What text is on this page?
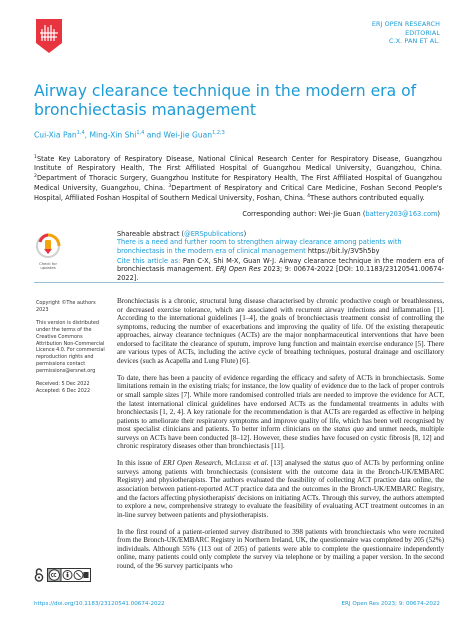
ERJ OPEN RESEARCH
EDITORIAL
C.X. PAN ET AL.
Airway clearance technique in the modern era of bronchiectasis management
Cui-Xia Pan$^{1,4}$, Ming-Xin Shi$^{1,4}$ and Wei-Jie Guan$^{1,2,3}$
$^1$State Key Laboratory of Respiratory Disease, National Clinical Research Center for Respiratory Disease, Guangzhou Institute of Respiratory Health, The First Affiliated Hospital of Guangzhou Medical University, Guangzhou, China. $^2$Department of Thoracic Surgery, Guangzhou Institute for Respiratory Health, The First Affiliated Hospital of Guangzhou Medical University, Guangzhou, China. $^3$Department of Respiratory and Critical Care Medicine, Foshan Second People's Hospital, Affiliated Foshan Hospital of Southern Medical University, Foshan, China. $^4$These authors contributed equally.
Corresponding author: Wei-Jie Guan (battery203@163.com)
Check for
updates
Shareable abstract (@ERSpublications)
There is a need and further room to strengthen airway clearance among patients with bronchiectasis in the modern era of clinical management https://bit.ly/3V5h5by
Cite this article as: Pan C-X, Shi M-X, Guan W-J. Airway clearance technique in the modern era of bronchiectasis management. ERJ Open Res 2023; 9: 00674-2022 [DOI: 10.1183/23120541.00674-2022].

Copyright ©The authors 2023

This version is distributed under the terms of the Creative Commons Attribution Non-Commercial Licence 4.0. For commercial reproduction rights and permissions contact permissions@ersnet.org

Received: 5 Dec 2022
Accepted: 6 Dec 2022

Bronchiectasis is a chronic, structural lung disease characterised by chronic productive cough or breathlessness, or decreased exercise tolerance, which are associated with recurrent airway infections and inflammation [1]. According to the international guidelines [1–4], the goals of bronchiectasis treatment consist of controlling the symptoms, reducing the number of exacerbations and improving the quality of life. Of the existing therapeutic approaches, airway clearance techniques (ACTs) are the major nonpharmaceutical interventions that have been endorsed to facilitate the clearance of sputum, improve lung function and maintain exercise endurance [5]. There are various types of ACTs, including the active cycle of breathing techniques, postural drainage and oscillatory devices (such as Acapella and Lung Flute) [6].

To date, there has been a paucity of evidence regarding the efficacy and safety of ACTs in bronchiectasis. Some limitations remain in the existing trials; for instance, the low quality of evidence due to the lack of proper controls or small sample sizes [7]. While more randomised controlled trials are needed to improve the evidence for ACT, the latest international clinical guidelines have endorsed ACTs as the fundamental treatments in adults with bronchiectasis [1, 2, 4]. A key rationale for the recommendation is that ACTs are regarded as effective in helping patients to ameliorate their respiratory symptoms and improve quality of life, which has been well recognised by most specialist clinicians and patients. To better inform clinicians on the status quo and unmet needs, multiple surveys on ACTs have been conducted [8–12]. However, these studies have focused on cystic fibrosis [8, 12] and chronic respiratory diseases other than bronchiectasis [11].

In this issue of ERJ Open Research, McLeese et al. [13] analysed the status quo of ACTs by performing online surveys among patients with bronchiectasis (consistent with the outcome data in the Bronch-UK/EMBARC Registry) and physiotherapists. The authors evaluated the feasibility of collecting ACT practice data online, the association between patient-reported ACT practice data and the outcomes in the Bronch-UK/EMBARC Registry, and the factors affecting physiotherapists' decisions on initiating ACTs. Through this survey, the authors attempted to explore a new, comprehensive strategy to evaluate the feasibility of evaluating ACT treatment outcomes in an in-line survey between patients and physiotherapists.

In the first round of a patient-oriented survey distributed to 398 patients with bronchiectasis who were recruited from the Bronch-UK/EMBARC Registry in Northern Ireland, UK, the questionnaire was completed by 205 (52%) individuals. Although 55% (113 out of 205) of patients were able to complete the questionnaire independently online, many patients could only complete the survey via telephone or by mailing a paper version. In the second round, of the 96 survey participants who

https://doi.org/10.1183/23120541.00674-2022	ERJ Open Res 2023; 9: 00674-2022
